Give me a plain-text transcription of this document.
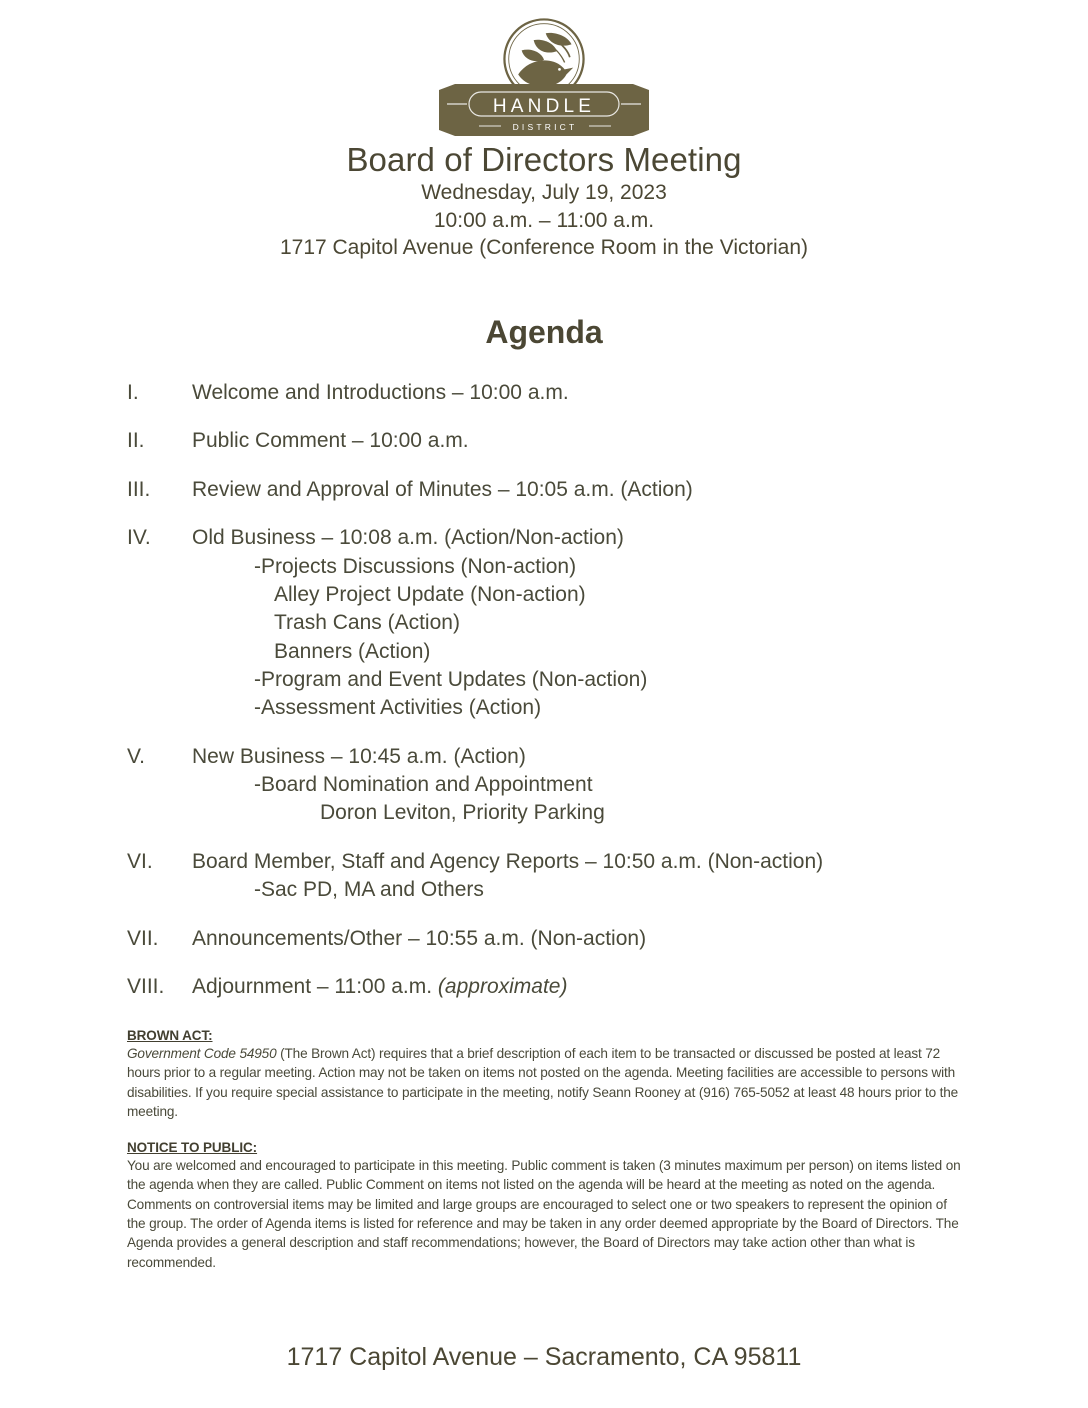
HANDLE
DISTRICT
Board of Directors Meeting
Wednesday, July 19, 2023
10:00 a.m. – 11:00 a.m.
1717 Capitol Avenue (Conference Room in the Victorian)
Agenda
I.	Welcome and Introductions – 10:00 a.m.
II.	Public Comment – 10:00 a.m.
III.	Review and Approval of Minutes – 10:05 a.m. (Action)
IV.	Old Business – 10:08 a.m. (Action/Non-action)
-Projects Discussions (Non-action)
Alley Project Update (Non-action)
Trash Cans (Action)
Banners (Action)
-Program and Event Updates (Non-action)
-Assessment Activities (Action)
V.	New Business – 10:45 a.m. (Action)
-Board Nomination and Appointment
Doron Leviton, Priority Parking
VI.	Board Member, Staff and Agency Reports – 10:50 a.m. (Non-action)
-Sac PD, MA and Others
VII.	Announcements/Other – 10:55 a.m. (Non-action)
VIII.	Adjournment – 11:00 a.m. (approximate)
BROWN ACT:
Government Code 54950 (The Brown Act) requires that a brief description of each item to be transacted or discussed be posted at least 72 hours prior to a regular meeting. Action may not be taken on items not posted on the agenda. Meeting facilities are accessible to persons with disabilities. If you require special assistance to participate in the meeting, notify Seann Rooney at (916) 765-5052 at least 48 hours prior to the meeting.
NOTICE TO PUBLIC:
You are welcomed and encouraged to participate in this meeting. Public comment is taken (3 minutes maximum per person) on items listed on the agenda when they are called. Public Comment on items not listed on the agenda will be heard at the meeting as noted on the agenda. Comments on controversial items may be limited and large groups are encouraged to select one or two speakers to represent the opinion of the group. The order of Agenda items is listed for reference and may be taken in any order deemed appropriate by the Board of Directors. The Agenda provides a general description and staff recommendations; however, the Board of Directors may take action other than what is recommended.
1717 Capitol Avenue – Sacramento, CA 95811
